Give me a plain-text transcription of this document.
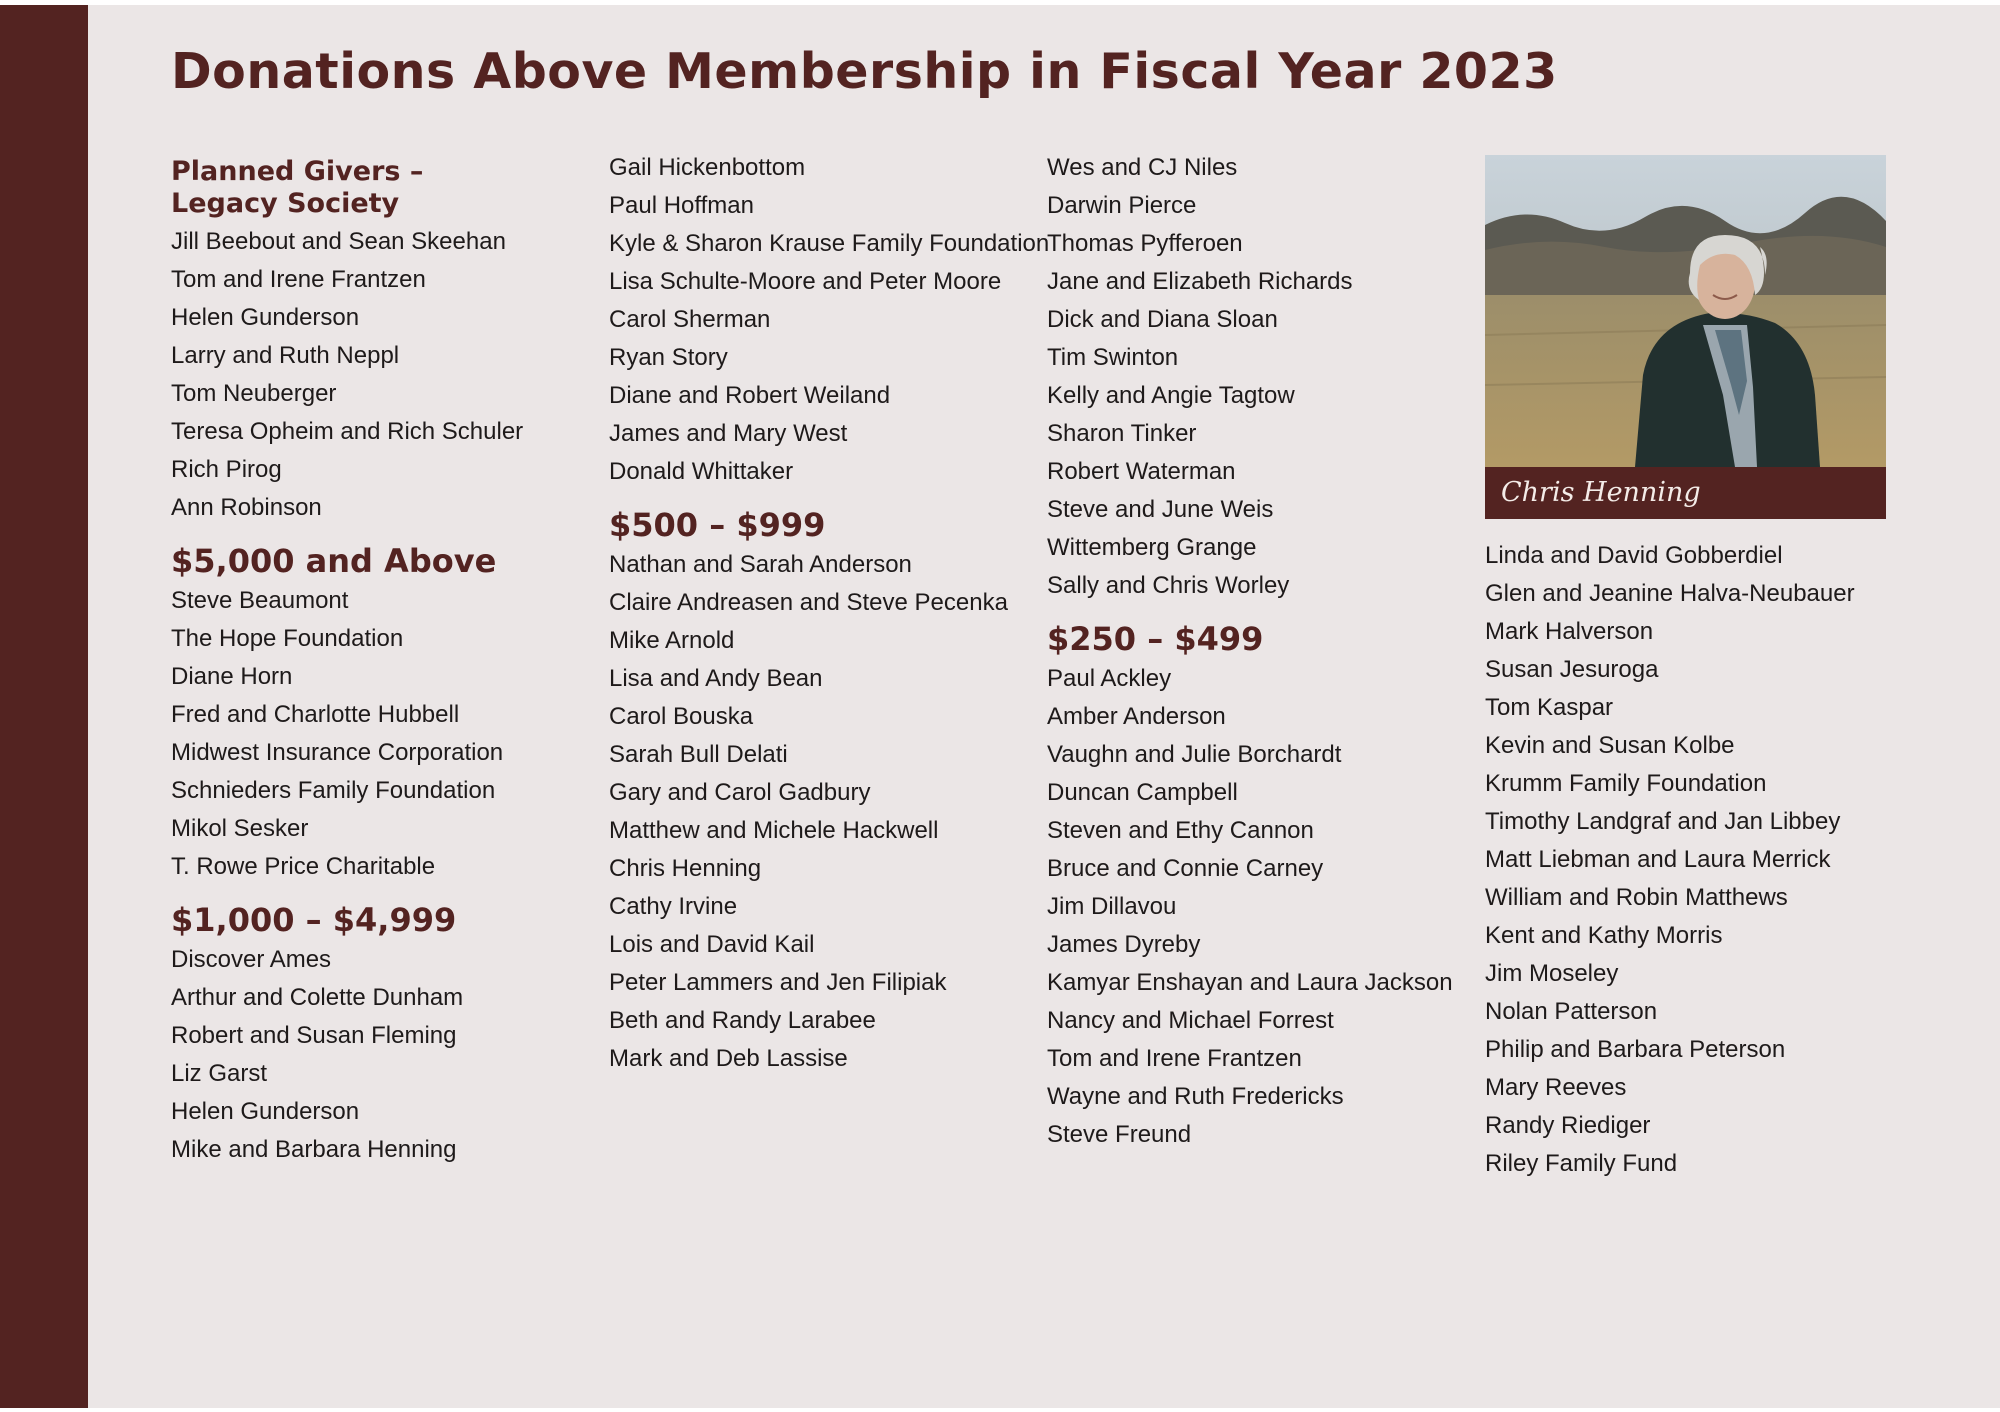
Donations Above Membership in Fiscal Year 2023
Planned Givers –
Legacy Society
Jill Beebout and Sean Skeehan
Tom and Irene Frantzen
Helen Gunderson
Larry and Ruth Neppl
Tom Neuberger
Teresa Opheim and Rich Schuler
Rich Pirog
Ann Robinson
$5,000 and Above
Steve Beaumont
The Hope Foundation
Diane Horn
Fred and Charlotte Hubbell
Midwest Insurance Corporation
Schnieders Family Foundation
Mikol Sesker
T. Rowe Price Charitable
$1,000 – $4,999
Discover Ames
Arthur and Colette Dunham
Robert and Susan Fleming
Liz Garst
Helen Gunderson
Mike and Barbara Henning
Gail Hickenbottom
Paul Hoffman
Kyle & Sharon Krause Family Foundation
Lisa Schulte-Moore and Peter Moore
Carol Sherman
Ryan Story
Diane and Robert Weiland
James and Mary West
Donald Whittaker
$500 – $999
Nathan and Sarah Anderson
Claire Andreasen and Steve Pecenka
Mike Arnold
Lisa and Andy Bean
Carol Bouska
Sarah Bull Delati
Gary and Carol Gadbury
Matthew and Michele Hackwell
Chris Henning
Cathy Irvine
Lois and David Kail
Peter Lammers and Jen Filipiak
Beth and Randy Larabee
Mark and Deb Lassise
Wes and CJ Niles
Darwin Pierce
Thomas Pyfferoen
Jane and Elizabeth Richards
Dick and Diana Sloan
Tim Swinton
Kelly and Angie Tagtow
Sharon Tinker
Robert Waterman
Steve and June Weis
Wittemberg Grange
Sally and Chris Worley
$250 – $499
Paul Ackley
Amber Anderson
Vaughn and Julie Borchardt
Duncan Campbell
Steven and Ethy Cannon
Bruce and Connie Carney
Jim Dillavou
James Dyreby
Kamyar Enshayan and Laura Jackson
Nancy and Michael Forrest
Tom and Irene Frantzen
Wayne and Ruth Fredericks
Steve Freund
Chris Henning
Linda and David Gobberdiel
Glen and Jeanine Halva-Neubauer
Mark Halverson
Susan Jesuroga
Tom Kaspar
Kevin and Susan Kolbe
Krumm Family Foundation
Timothy Landgraf and Jan Libbey
Matt Liebman and Laura Merrick
William and Robin Matthews
Kent and Kathy Morris
Jim Moseley
Nolan Patterson
Philip and Barbara Peterson
Mary Reeves
Randy Riediger
Riley Family Fund
